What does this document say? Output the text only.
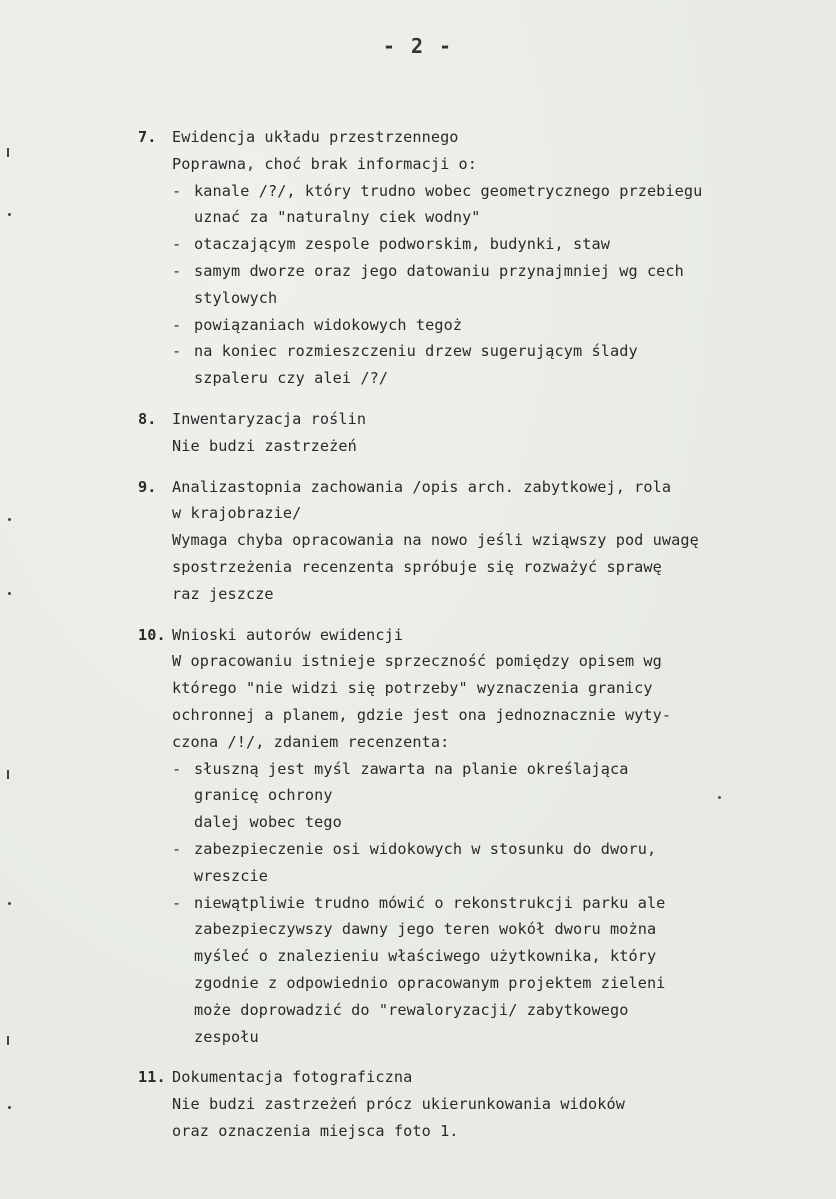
- 2 -
7.	Ewidencja układu przestrzennego
Poprawna, choć brak informacji o:
- kanale /?/, który trudno wobec geometrycznego przebiegu
uznać za "naturalny ciek wodny"
- otaczającym zespole podworskim, budynki, staw
- samym dworze oraz jego datowaniu przynajmniej wg cech
stylowych
- powiązaniach widokowych tegoż
- na koniec rozmieszczeniu drzew sugerującym ślady
szpaleru czy alei /?/
8.	Inwentaryzacja roślin
Nie budzi zastrzeżeń
9.	Analizastopnia zachowania /opis arch. zabytkowej, rola
w krajobrazie/
Wymaga chyba opracowania na nowo jeśli wziąwszy pod uwagę
spostrzeżenia recenzenta spróbuje się rozważyć sprawę
raz jeszcze
10. Wnioski autorów ewidencji
W opracowaniu istnieje sprzeczność pomiędzy opisem wg
którego "nie widzi się potrzeby" wyznaczenia granicy
ochronnej a planem, gdzie jest ona jednoznacznie wyty-
czona /!/, zdaniem recenzenta:
- słuszną jest myśl zawarta na planie określająca
granicę ochrony
dalej wobec tego
- zabezpieczenie osi widokowych w stosunku do dworu,
wreszcie
- niewątpliwie trudno mówić o rekonstrukcji parku ale
zabezpieczywszy dawny jego teren wokół dworu można
myśleć o znalezieniu właściwego użytkownika, który
zgodnie z odpowiednio opracowanym projektem zieleni
może doprowadzić do "rewaloryzacji/ zabytkowego
zespołu
11. Dokumentacja fotograficzna
Nie budzi zastrzeżeń prócz ukierunkowania widoków
oraz oznaczenia miejsca foto 1.
